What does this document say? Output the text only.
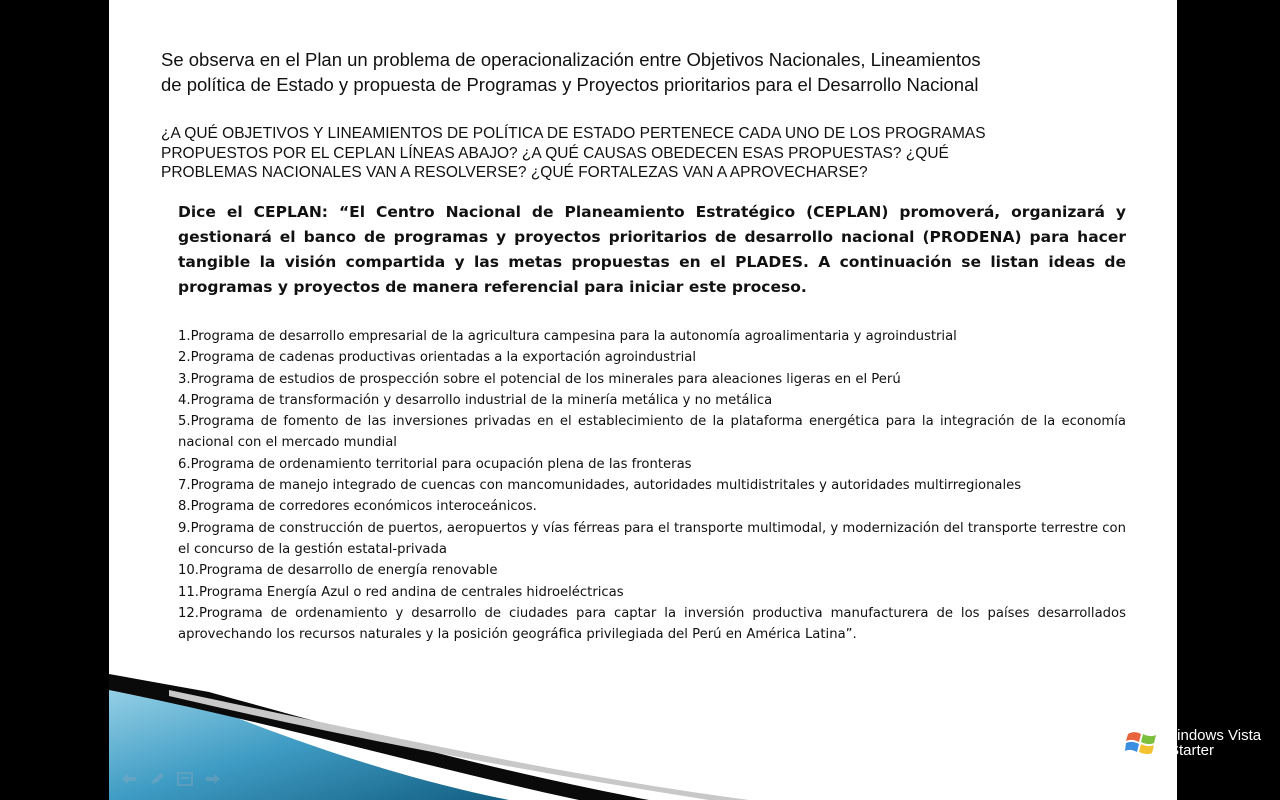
Se observa en el Plan un problema de operacionalización entre Objetivos Nacionales, Lineamientos
de política de Estado y propuesta de Programas y Proyectos prioritarios para el Desarrollo Nacional
¿A QUÉ OBJETIVOS Y LINEAMIENTOS DE POLÍTICA DE ESTADO PERTENECE CADA UNO DE LOS PROGRAMAS
PROPUESTOS POR EL CEPLAN LÍNEAS ABAJO? ¿A QUÉ CAUSAS OBEDECEN ESAS PROPUESTAS? ¿QUÉ
PROBLEMAS NACIONALES VAN A RESOLVERSE? ¿QUÉ FORTALEZAS VAN A APROVECHARSE?
Dice el CEPLAN: “El Centro Nacional de Planeamiento Estratégico (CEPLAN) promoverá, organizará y gestionará el banco de programas y proyectos prioritarios de desarrollo nacional (PRODENA) para hacer tangible la visión compartida y las metas propuestas en el PLADES. A continuación se listan ideas de programas y proyectos de manera referencial para iniciar este proceso.
1.Programa de desarrollo empresarial de la agricultura campesina para la autonomía agroalimentaria y agroindustrial
2.Programa de cadenas productivas orientadas a la exportación agroindustrial
3.Programa de estudios de prospección sobre el potencial de los minerales para aleaciones ligeras en el Perú
4.Programa de transformación y desarrollo industrial de la minería metálica y no metálica
5.Programa de fomento de las inversiones privadas en el establecimiento de la plataforma energética para la integración de la economía nacional con el mercado mundial
6.Programa de ordenamiento territorial para ocupación plena de las fronteras
7.Programa de manejo integrado de cuencas con mancomunidades, autoridades multidistritales y autoridades multirregionales
8.Programa de corredores económicos interoceánicos.
9.Programa de construcción de puertos, aeropuertos y vías férreas para el transporte multimodal, y modernización del transporte terrestre con el concurso de la gestión estatal-privada
10.Programa de desarrollo de energía renovable
11.Programa Energía Azul o red andina de centrales hidroeléctricas
12.Programa de ordenamiento y desarrollo de ciudades para captar la inversión productiva manufacturera de los países desarrollados aprovechando los recursos naturales y la posición geográfica privilegiada del Perú en América Latina”.
Windows Vista
Starter
